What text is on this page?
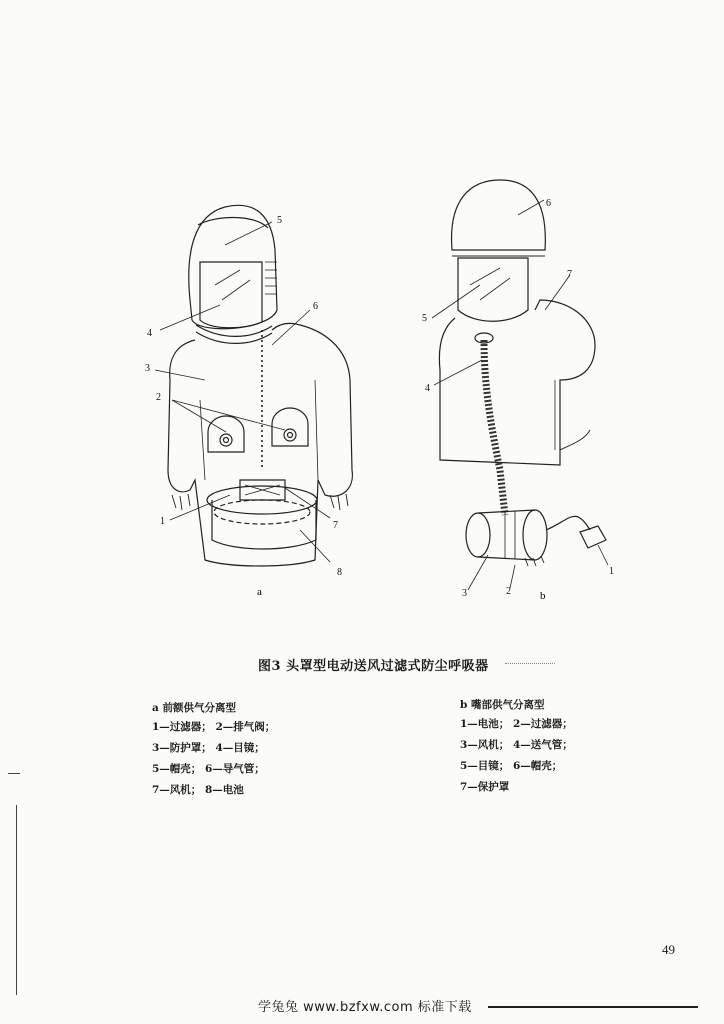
5
4
6
3
2
1	7
8
a
6
5
7
4
1
3	2	b
图3 头罩型电动送风过滤式防尘呼吸器
a 前额供气分离型
1—过滤器； 2—排气阀；
3—防护罩； 4—目镜；
5—帽壳； 6—导气管；
7—风机； 8—电池
b 嘴部供气分离型
1—电池； 2—过滤器；
3—风机； 4—送气管；
5—目镜； 6—帽壳；
7—保护罩
49
学兔兔 www.bzfxw.com 标准下载
